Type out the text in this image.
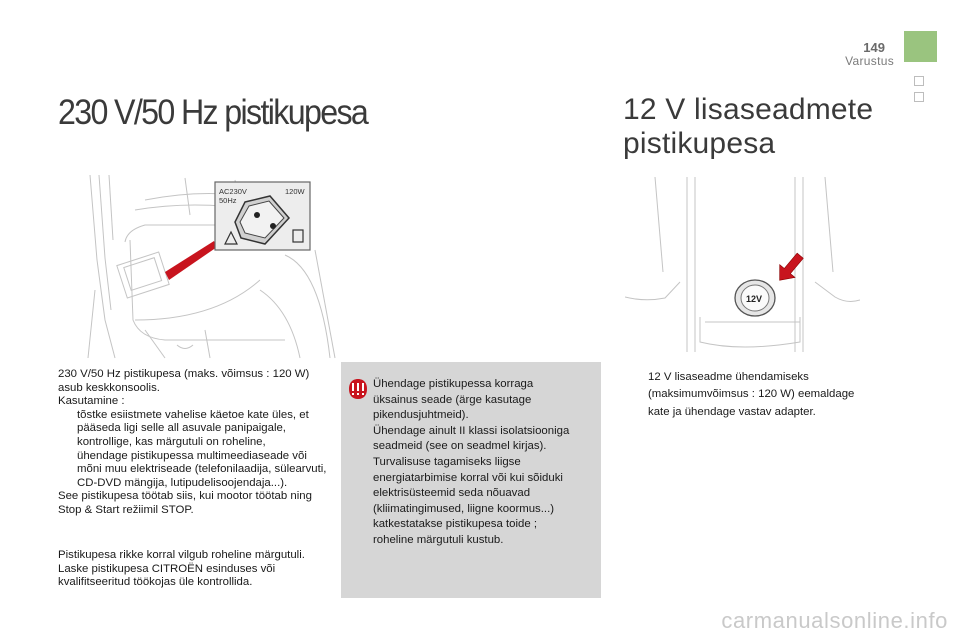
149
Varustus
230 V/50 Hz pistikupesa	12 V lisaseadmete
pistikupesa
AC230V
50Hz
120W
12V
230 V/50 Hz pistikupesa (maks. võimsus : 120 W) asub keskkonsoolis.
Kasutamine :
tõstke esiistmete vahelise käetoe kate üles, et pääseda ligi selle all asuvale panipaigale,
kontrollige, kas märgutuli on roheline,
ühendage pistikupessa multimeediaseade või mõni muu elektriseade (telefonilaadija, sülearvuti, CD-DVD mängija, lutipudelisoojendaja...).
See pistikupesa töötab siis, kui mootor töötab ning Stop & Start režiimil STOP.
Pistikupesa rikke korral vilgub roheline märgutuli.
Laske pistikupesa CITROËN esinduses või kvalifitseeritud töökojas üle kontrollida.
Ühendage pistikupessa korraga
üksainus seade (ärge kasutage
pikendusjuhtmeid).
Ühendage ainult II klassi isolatsiooniga
seadmeid (see on seadmel kirjas).
Turvalisuse tagamiseks liigse
energiatarbimise korral või kui sõiduki
elektrisüsteemid seda nõuavad
(kliimatingimused, liigne koormus...)
katkestatakse pistikupesa toide ;
roheline märgutuli kustub.
12 V lisaseadme ühendamiseks
(maksimumvõimsus : 120 W) eemaldage
kate ja ühendage vastav adapter.
carmanualsonline.info
